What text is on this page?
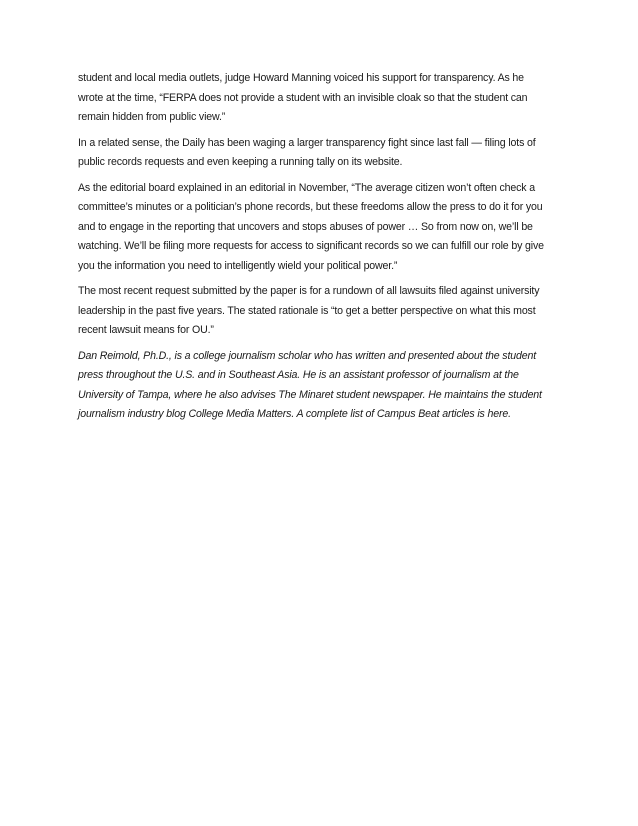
student and local media outlets, judge Howard Manning voiced his support for transparency. As he
wrote at the time, “FERPA does not provide a student with an invisible cloak so that the student can
remain hidden from public view.”

In a related sense, the Daily has been waging a larger transparency fight since last fall — filing lots of
public records requests and even keeping a running tally on its website.

As the editorial board explained in an editorial in November, “The average citizen won’t often check a
committee’s minutes or a politician’s phone records, but these freedoms allow the press to do it for you
and to engage in the reporting that uncovers and stops abuses of power … So from now on, we’ll be
watching. We’ll be filing more requests for access to significant records so we can fulfill our role by give
you the information you need to intelligently wield your political power.”

The most recent request submitted by the paper is for a rundown of all lawsuits filed against university
leadership in the past five years. The stated rationale is “to get a better perspective on what this most
recent lawsuit means for OU.”

Dan Reimold, Ph.D., is a college journalism scholar who has written and presented about the student
press throughout the U.S. and in Southeast Asia. He is an assistant professor of journalism at the
University of Tampa, where he also advises The Minaret student newspaper. He maintains the student
journalism industry blog College Media Matters. A complete list of Campus Beat articles is here.
